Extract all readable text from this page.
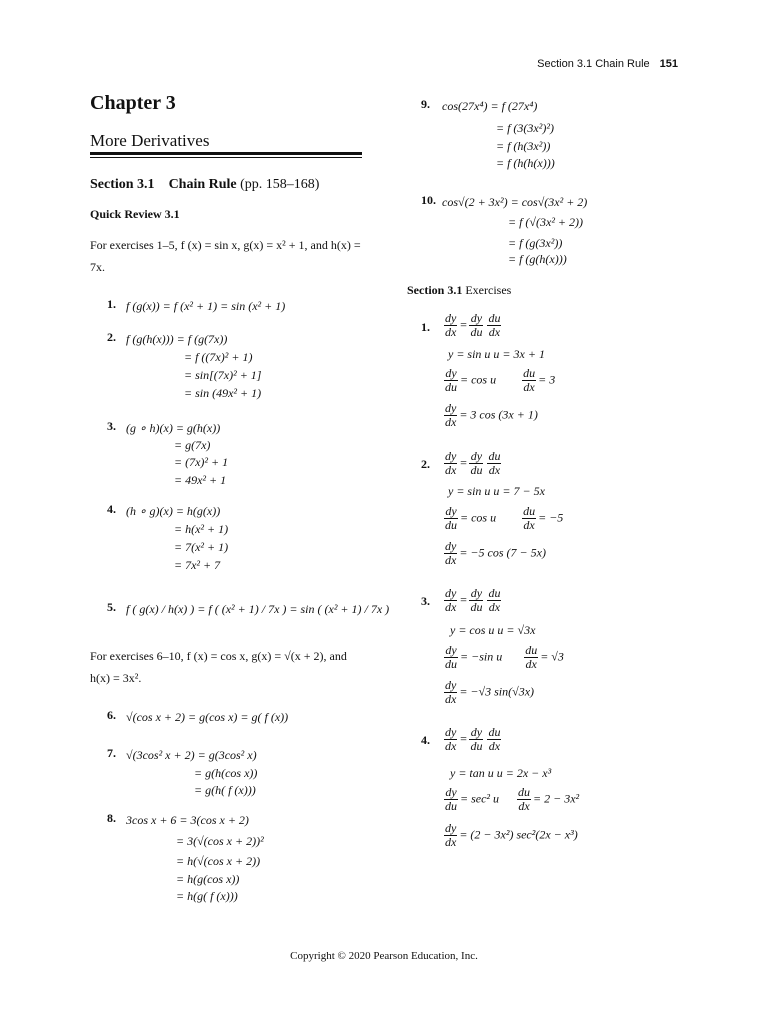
Section 3.1 Chain Rule 151
Chapter 3
More Derivatives
Section 3.1 Chain Rule (pp. 158–168)
Quick Review 3.1
For exercises 1–5, f (x) = sin x, g(x) = x² + 1, and h(x) = 7x.
1. f (g(x)) = f (x² + 1) = sin (x² + 1)
2. f (g(h(x))) = f (g(7x))
= f ((7x)² + 1)
= sin[(7x)² + 1]
= sin (49x² + 1)
3. (g ∘ h)(x) = g(h(x))
= g(7x)
= (7x)² + 1
= 49x² + 1
4. (h ∘ g)(x) = h(g(x))
= h(x² + 1)
= 7(x² + 1)
= 7x² + 7
5. f ( g(x) / h(x) ) = f ( (x² + 1) / 7x ) = sin ( (x² + 1) / 7x )
For exercises 6–10, f (x) = cos x, g(x) = √(x + 2), and h(x) = 3x².
6. √(cos x + 2) = g(cos x) = g( f (x))
7. √(3cos² x + 2) = g(3cos² x)
= g(h(cos x))
= g(h( f (x)))
8. 3cos x + 6 = 3(cos x + 2)
= 3(√(cos x + 2))²
= h(√(cos x + 2))
= h(g(cos x))
= h(g( f (x)))
9. cos(27x⁴) = f (27x⁴)
= f (3(3x²)²)
= f (h(3x²))
= f (h(h(x)))
10. cos√(2 + 3x²) = cos√(3x² + 2)
= f (√(3x² + 2))
= f (g(3x²))
= f (g(h(x)))
Section 3.1 Exercises
1. $\frac{dy}{dx} = \frac{dy}{du} \frac{du}{dx}$
y = sin u u = 3x + 1
$\frac{dy}{du} = \cos u \frac{du}{dx} = 3$
$\frac{dy}{dx} = 3$ cos (3x + 1)
2. $\frac{dy}{dx} = \frac{dy}{du} \frac{du}{dx}$
y = sin u u = 7 − 5x
$\frac{dy}{du} = \cos u \frac{du}{dx} = -5$
$\frac{dy}{dx} = -5$ cos (7 − 5x)
3. $\frac{dy}{dx} = \frac{dy}{du} \frac{du}{dx}$
y = cos u u = √3x
$\frac{dy}{du} = -\sin$ u $\frac{du}{dx} = √3$
$\frac{dy}{dx} = -√3$ sin(√3x)
4. $\frac{dy}{dx} = \frac{dy}{du} \frac{du}{dx}$
y = tan u u = 2x − x³
$\frac{dy}{du} = \sec^2$ u $\frac{du}{dx} = 2 - 3x^2$
$\frac{dy}{dx} = (2 - 3x^2) \sec^2(2x - x^3)$
Copyright © 2020 Pearson Education, Inc.
